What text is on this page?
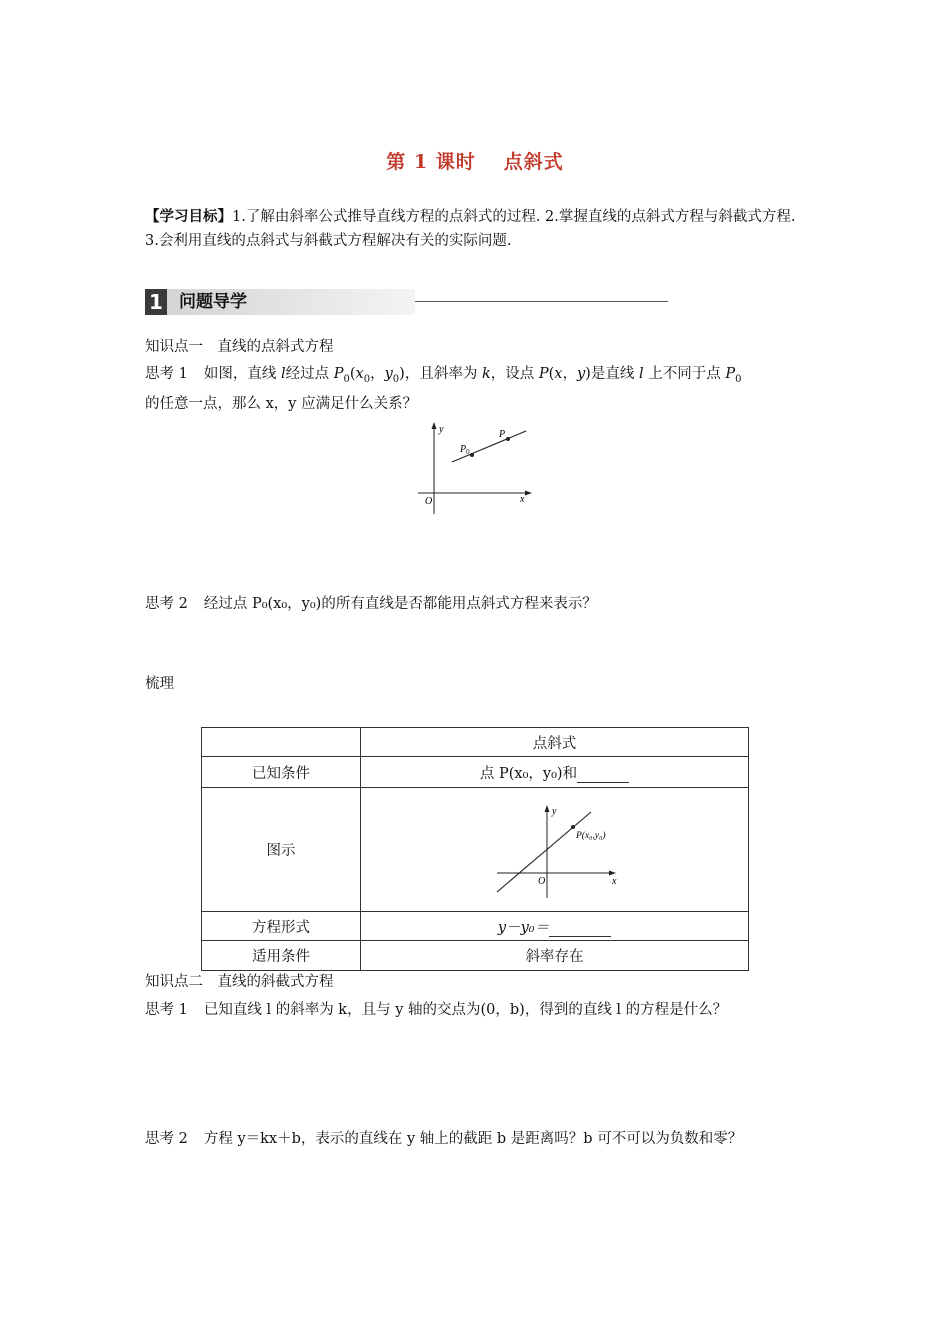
第 1 课时 点斜式
【学习目标】1.了解由斜率公式推导直线方程的点斜式的过程. 2.掌握直线的点斜式方程与斜截式方程. 3.会利用直线的点斜式与斜截式方程解决有关的实际问题.
1 问题导学
知识点一　直线的点斜式方程
思考 1 如图，直线 l经过点 $P_0(x_0$，$y_0$)，且斜率为 k，设点 P(x，y)是直线 l 上不同于点 $P_0$
的任意一点，那么 x，y 应满足什么关系？
y
x
O
$P_0$
P
思考 2 经过点 P₀(x₀，y₀)的所有直线是否都能用点斜式方程来表示？
梳理
	点斜式
已知条件	点 P(x₀，y₀)和
图示	y
x
O
P(x₀,y₀)

方程形式	y－y₀＝
适用条件	斜率存在
知识点二　直线的斜截式方程
思考 1 已知直线 l 的斜率为 k，且与 y 轴的交点为(0，b)，得到的直线 l 的方程是什么？
思考 2 方程 y＝kx＋b，表示的直线在 y 轴上的截距 b 是距离吗？b 可不可以为负数和零？
